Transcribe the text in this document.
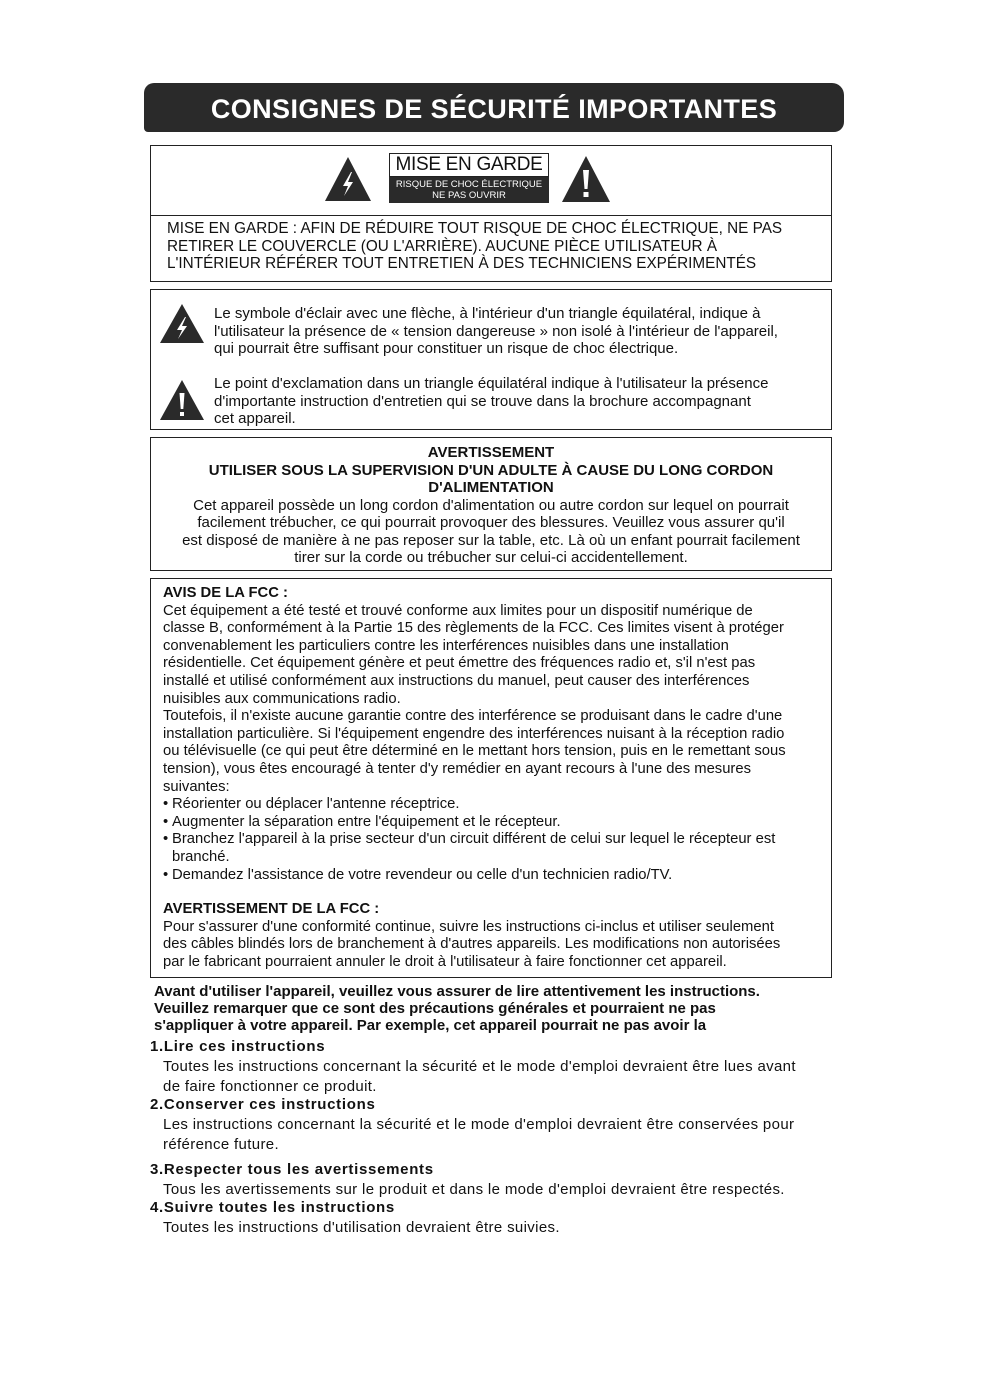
CONSIGNES DE SÉCURITÉ IMPORTANTES
MISE EN GARDE
RISQUE DE CHOC ÉLECTRIQUE
NE PAS OUVRIR
MISE EN GARDE : AFIN DE RÉDUIRE TOUT RISQUE DE CHOC ÉLECTRIQUE, NE PAS
RETIRER LE COUVERCLE (OU L'ARRIÈRE). AUCUNE PIÈCE UTILISATEUR À
L'INTÉRIEUR RÉFÉRER TOUT ENTRETIEN À DES TECHNICIENS EXPÉRIMENTÉS
Le symbole d'éclair avec une flèche, à l'intérieur d'un triangle équilatéral, indique à
l'utilisateur la présence de « tension dangereuse » non isolé à l'intérieur de l'appareil,
qui pourrait être suffisant pour constituer un risque de choc électrique.
Le point d'exclamation dans un triangle équilatéral indique à l'utilisateur la présence
d'importante instruction d'entretien qui se trouve dans la brochure accompagnant
cet appareil.
AVERTISSEMENT
UTILISER SOUS LA SUPERVISION D'UN ADULTE À CAUSE DU LONG CORDON
D'ALIMENTATION
Cet appareil possède un long cordon d'alimentation ou autre cordon sur lequel on pourrait
facilement trébucher, ce qui pourrait provoquer des blessures. Veuillez vous assurer qu'il
est disposé de manière à ne pas reposer sur la table, etc. Là où un enfant pourrait facilement
tirer sur la corde ou trébucher sur celui-ci accidentellement.
AVIS DE LA FCC :
Cet équipement a été testé et trouvé conforme aux limites pour un dispositif numérique de
classe B, conformément à la Partie 15 des règlements de la FCC. Ces limites visent à protéger
convenablement les particuliers contre les interférences nuisibles dans une installation
résidentielle. Cet équipement génère et peut émettre des fréquences radio et, s'il n'est pas
installé et utilisé conformément aux instructions du manuel, peut causer des interférences
nuisibles aux communications radio.
Toutefois, il n'existe aucune garantie contre des interférence se produisant dans le cadre d'une
installation particulière. Si l'équipement engendre des interférences nuisant à la réception radio
ou télévisuelle (ce qui peut être déterminé en le mettant hors tension, puis en le remettant sous
tension), vous êtes encouragé à tenter d'y remédier en ayant recours à l'une des mesures
suivantes:
• Réorienter ou déplacer l'antenne réceptrice.
• Augmenter la séparation entre l'équipement et le récepteur.
• Branchez l'appareil à la prise secteur d'un circuit différent de celui sur lequel le récepteur est branché.
• Demandez l'assistance de votre revendeur ou celle d'un technicien radio/TV.
AVERTISSEMENT DE LA FCC :
Pour s'assurer d'une conformité continue, suivre les instructions ci-inclus et utiliser seulement
des câbles blindés lors de branchement à d'autres appareils. Les modifications non autorisées
par le fabricant pourraient annuler le droit à l'utilisateur à faire fonctionner cet appareil.
Avant d'utiliser l'appareil, veuillez vous assurer de lire attentivement les instructions.
Veuillez remarquer que ce sont des précautions générales et pourraient ne pas
s'appliquer à votre appareil. Par exemple, cet appareil pourrait ne pas avoir la
1.Lire ces instructions
Toutes les instructions concernant la sécurité et le mode d'emploi devraient être lues avant
de faire fonctionner ce produit.
2.Conserver ces instructions
Les instructions concernant la sécurité et le mode d'emploi devraient être conservées pour
référence future.
3.Respecter tous les avertissements
Tous les avertissements sur le produit et dans le mode d'emploi devraient être respectés.
4.Suivre toutes les instructions
Toutes les instructions d'utilisation devraient être suivies.
